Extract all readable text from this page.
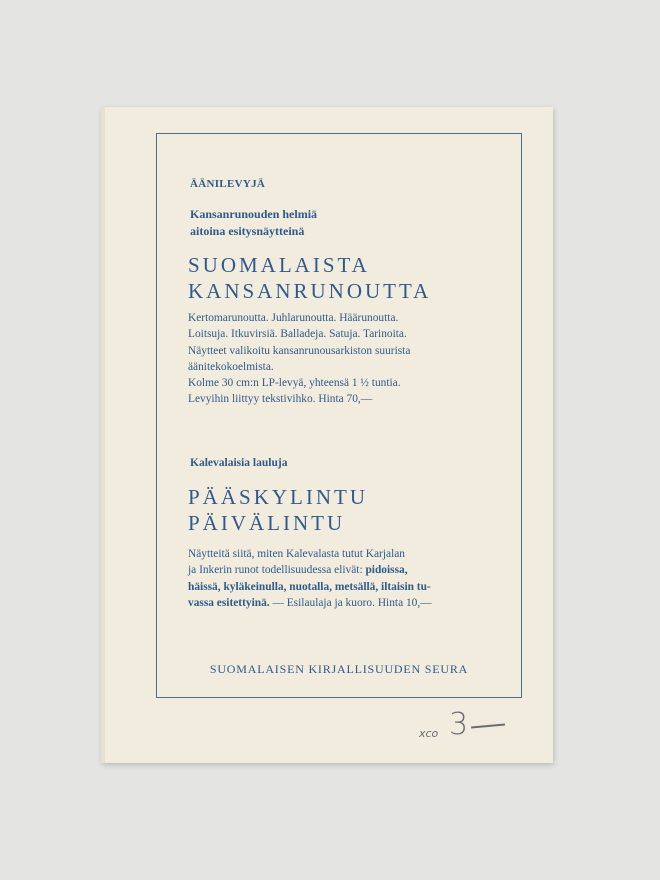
ÄÄNILEVYJÄ
Kansanrunouden helmiä
aitoina esitysnäytteinä
SUOMALAISTA
KANSANRUNOUTTA
Kertomarunoutta. Juhlarunoutta. Häärunoutta.
Loitsuja. Itkuvirsiä. Balladeja. Satuja. Tarinoita.
Näytteet valikoitu kansanrunousarkiston suurista
äänitekokoelmista.
Kolme 30 cm:n LP-levyä, yhteensä 1 ½ tuntia.
Levyihin liittyy tekstivihko. Hinta 70,—
Kalevalaisia lauluja
PÄÄSKYLINTU
PÄIVÄLINTU
Näytteitä siitä, miten Kalevalasta tutut Karjalan
ja Inkerin runot todellisuudessa elivät: pidoissa,
häissä, kyläkeinulla, nuotalla, metsällä, iltaisin tu-
vassa esitettyinä. — Esilaulaja ja kuoro. Hinta 10,—
SUOMALAISEN KIRJALLISUUDEN SEURA
xco 3
